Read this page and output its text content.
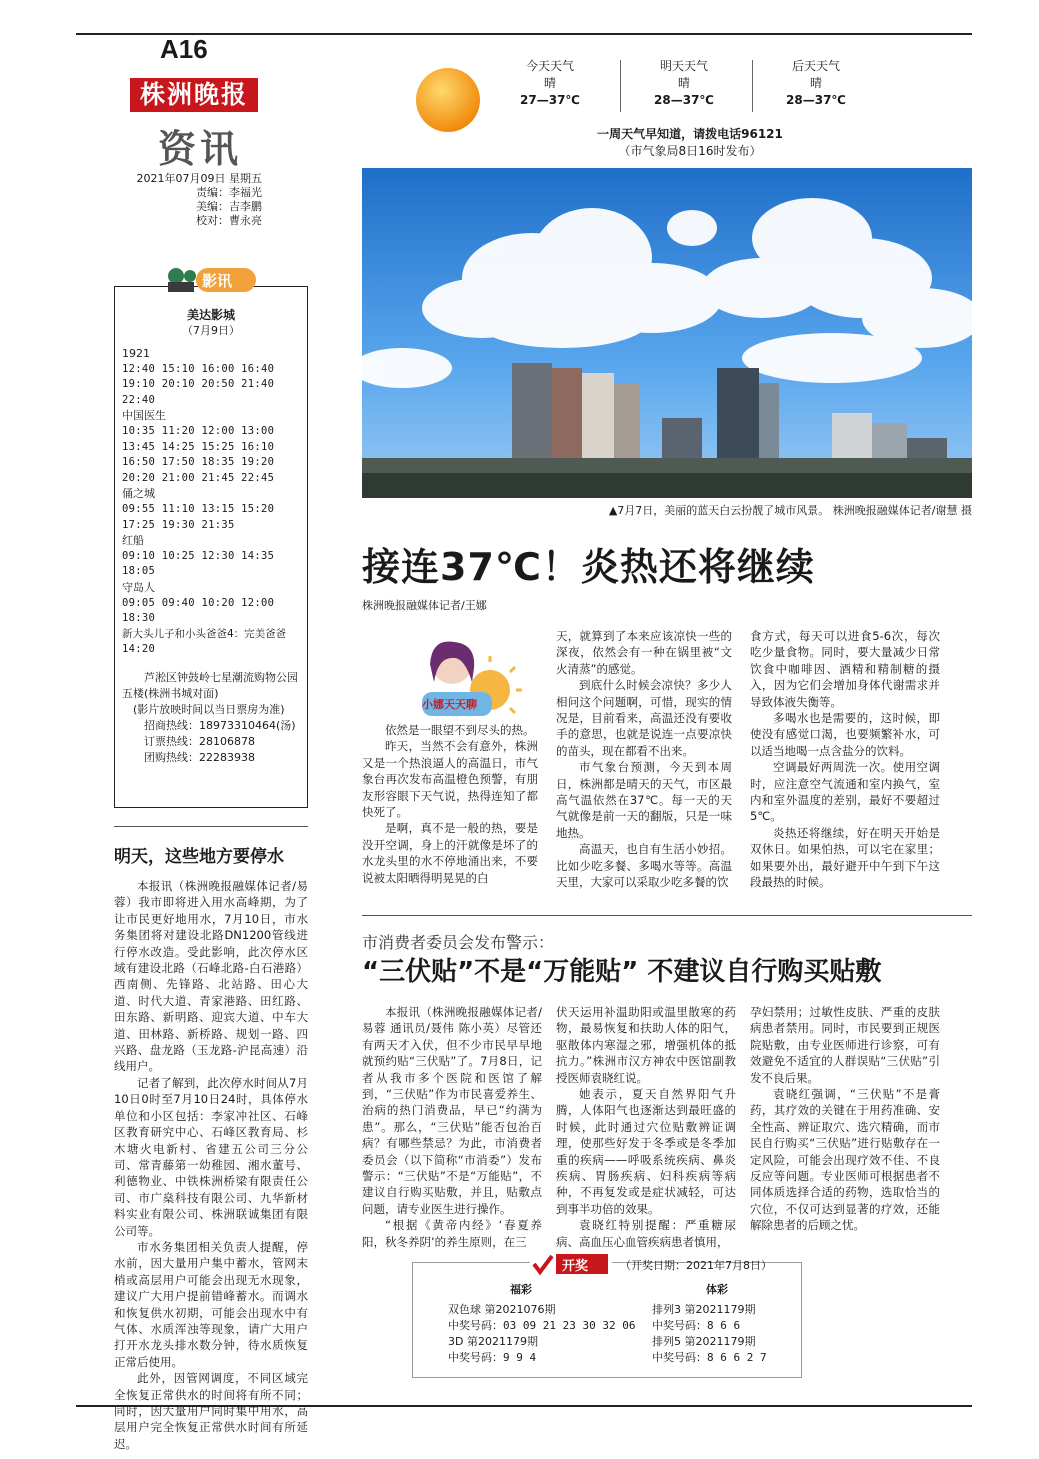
A16
株洲晚报
资讯
2021年07月09日 星期五
责编：李福光
美编：吉李鹏
校对：曹永亮
今天天气
晴
27—37℃
明天天气
晴
28—37℃
后天天气
晴
28—37℃
一周天气早知道，请拨电话96121
（市气象局8日16时发布）
▲7月7日，美丽的蓝天白云扮靓了城市风景。 株洲晚报融媒体记者/谢慧 摄
接连37℃！炎热还将继续
株洲晚报融媒体记者/王娜
小娜天天聊

依然是一眼望不到尽头的热。

昨天，当然不会有意外，株洲又是一个热浪逼人的高温日，市气象台再次发布高温橙色预警，有朋友形容眼下天气说，热得连知了都快死了。

是啊，真不是一般的热，要是没开空调，身上的汗就像是坏了的水龙头里的水不停地涌出来，不要说被太阳晒得明晃晃的白

天，就算到了本来应该凉快一些的深夜，依然会有一种在锅里被“文火清蒸”的感觉。

到底什么时候会凉快？多少人相问这个问题啊，可惜，现实的情况是，目前看来，高温还没有要收手的意思，也就是说连一点要凉快的苗头，现在都看不出来。

市气象台预测，今天到本周日，株洲都是晴天的天气，市区最高气温依然在37℃。每一天的天气就像是前一天的翻版，只是一味地热。

高温天，也自有生活小妙招。比如少吃多餐、多喝水等等。高温天里，大家可以采取少吃多餐的饮

食方式，每天可以进食5-6次，每次吃少量食物。同时，要大量减少日常饮食中咖啡因、酒精和精制糖的摄入，因为它们会增加身体代谢需求并导致体液失衡等。

多喝水也是需要的，这时候，即使没有感觉口渴，也要频繁补水，可以适当地喝一点含盐分的饮料。

空调最好两周洗一次。使用空调时，应注意空气流通和室内换气，室内和室外温度的差别，最好不要超过5℃。

炎热还将继续，好在明天开始是双休日。如果怕热，可以宅在家里；如果要外出，最好避开中午到下午这段最热的时候。

影讯
美达影城
（7月9日）
1921
12:40 15:10 16:00 16:40
19:10 20:10 20:50 21:40
22:40
中国医生
10:35 11:20 12:00 13:00
13:45 14:25 15:25 16:10
16:50 17:50 18:35 19:20
20:20 21:00 21:45 22:45
俑之城
09:55 11:10 13:15 15:20
17:25 19:30 21:35
红船
09:10 10:25 12:30 14:35
18:05
守岛人
09:05 09:40 10:20 12:00
18:30
新大头儿子和小头爸爸4：完美爸爸
14:20
芦淞区钟鼓岭七星潮流购物公园五楼(株洲书城对面)
(影片放映时间以当日票房为准)
招商热线：18973310464(汤)
订票热线：28106878
团购热线：22283938
明天，这些地方要停水

本报讯（株洲晚报融媒体记者/易蓉）我市即将进入用水高峰期，为了让市民更好地用水，7月10日，市水务集团将对建设北路DN1200管线进行停水改造。受此影响，此次停水区域有建设北路（石峰北路-白石港路）西南侧、先锋路、北站路、田心大道、时代大道、青家港路、田红路、田东路、新明路、迎宾大道、中车大道、田林路、新桥路、规划一路、四兴路、盘龙路（玉龙路-沪昆高速）沿线用户。

记者了解到，此次停水时间从7月10日0时至7月10日24时，具体停水单位和小区包括：李家冲社区、石峰区教育研究中心、石峰区教育局、杉木塘火电新村、省建五公司三分公司、常青藤第一幼稚园、湘水董号、利德物业、中铁株洲桥梁有限责任公司、市广燊科技有限公司、九华新材料实业有限公司、株洲联诚集团有限公司等。

市水务集团相关负责人提醒，停水前，因大量用户集中蓄水，管网末梢或高层用户可能会出现无水现象，建议广大用户提前错峰蓄水。而调水和恢复供水初期，可能会出现水中有气体、水质浑浊等现象，请广大用户打开水龙头排水数分钟，待水质恢复正常后使用。

此外，因管网调度，不同区域完全恢复正常供水的时间将有所不同；同时，因大量用户同时集中用水，高层用户完全恢复正常供水时间有所延迟。

市消费者委员会发布警示：
“三伏贴”不是“万能贴” 不建议自行购买贴敷

本报讯（株洲晚报融媒体记者/易蓉 通讯员/聂伟 陈小英）尽管还有两天才入伏，但不少市民早早地就预约贴“三伏贴”了。7月8日，记者从我市多个医院和医馆了解到，“三伏贴”作为市民喜爱养生、治病的热门消费品，早已“约满为患”。那么，“三伏贴”能否包治百病？有哪些禁忌？为此，市消费者委员会（以下简称“市消委”）发布警示：“三伏贴”不是“万能贴”，不建议自行购买贴敷，并且，贴敷点问题，请专业医生进行操作。

“根据《黄帝内经》‘春夏养阳，秋冬养阴’的养生原则，在三

伏天运用补温助阳或温里散寒的药物，最易恢复和扶助人体的阳气，驱散体内寒湿之邪，增强机体的抵抗力。”株洲市汉方神农中医馆副教授医师袁晓红说。

她表示，夏天自然界阳气升腾，人体阳气也逐渐达到最旺盛的时候，此时通过穴位贴敷辨证调理，使那些好发于冬季或是冬季加重的疾病——呼吸系统疾病、鼻炎疾病、胃肠疾病、妇科疾病等病种，不再复发或是症状减轻，可达到事半功倍的效果。

袁晓红特别提醒：严重糖尿病、高血压心血管疾病患者慎用，

孕妇禁用；过敏性皮肤、严重的皮肤病患者禁用。同时，市民要到正规医院贴敷，由专业医师进行诊察，可有效避免不适宜的人群误贴“三伏贴”引发不良后果。

袁晓红强调，“三伏贴”不是膏药，其疗效的关键在于用药准确、安全性高、辨证取穴、选穴精确，而市民自行购买“三伏贴”进行贴敷存在一定风险，可能会出现疗效不佳、不良反应等问题。专业医师可根据患者不同体质选择合适的药物，选取恰当的穴位，不仅可达到显著的疗效，还能解除患者的后顾之忧。

开奖	（开奖日期：2021年7月8日）
福彩	体彩
双色球 第2021076期
中奖号码：03 09 21 23 30 32 06
3D 第2021179期
中奖号码：9 9 4
排列3 第2021179期
中奖号码：8 6 6
排列5 第2021179期
中奖号码：8 6 6 2 7
